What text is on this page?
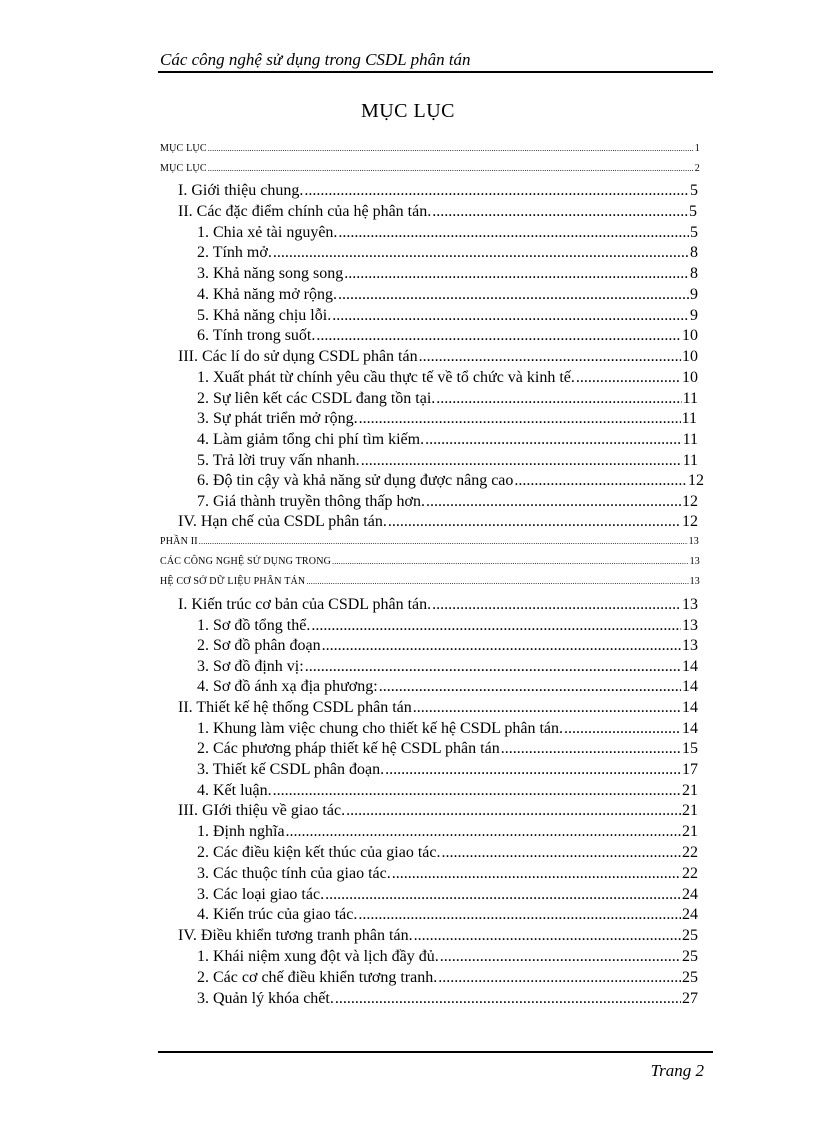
Các công nghệ sử dụng trong CSDL phân tán
MỤC LỤC
MỤC LỤC .....	1
MỤC LỤC .....	2
I. Giới thiệu chung. .....	5
II. Các đặc điểm chính của hệ phân tán. .....	5
1. Chia xẻ tài nguyên. .....	5
2. Tính mở. .....	8
3. Khả năng song song .....	8
4. Khả năng mở rộng. .....	9
5. Khả năng chịu lỗi. .....	9
6. Tính trong suốt. .....	10
III. Các lí do sử dụng CSDL phân tán .....	10
1. Xuất phát từ chính yêu cầu thực tế về tổ chức và kinh tế. .....	10
2. Sự liên kết các CSDL đang tồn tại. .....	11
3. Sự phát triển mở rộng. .....	11
4. Làm giảm tổng chi phí tìm kiếm. .....	11
5. Trả lời truy vấn nhanh. .....	11
6. Độ tin cậy và khả năng sử dụng được nâng cao .....	12
7. Giá thành truyền thông thấp hơn. .....	12
IV. Hạn chế của CSDL phân tán. .....	12
PHẦN II .....	13
CÁC CÔNG NGHỆ SỬ DỤNG TRONG .....	13
HỆ CƠ SỞ DỮ LIỆU PHÂN TÁN .....	13
I. Kiến trúc cơ bản của CSDL phân tán. .....	13
1. Sơ đồ tổng thể. .....	13
2. Sơ đồ phân đoạn .....	13
3. Sơ đồ định vị: .....	14
4. Sơ đồ ánh xạ địa phương: .....	14
II. Thiết kế hệ thống CSDL phân tán .....	14
1. Khung làm việc chung cho thiết kế hệ CSDL phân tán. .....	14
2. Các phương pháp thiết kế hệ CSDL phân tán .....	15
3. Thiết kế CSDL phân đoạn. .....	17
4. Kết luận. .....	21
III. GIới thiệu về giao tác. .....	21
1. Định nghĩa .....	21
2. Các điều kiện kết thúc của giao tác. .....	22
3. Các thuộc tính của giao tác. .....	22
3. Các loại giao tác. .....	24
4. Kiến trúc của giao tác. .....	24
IV. Điều khiển tương tranh phân tán. .....	25
1. Khái niệm xung đột và lịch đầy đủ. .....	25
2. Các cơ chế điều khiển tương tranh. .....	25
3. Quản lý khóa chết. .....	27
Trang 2
